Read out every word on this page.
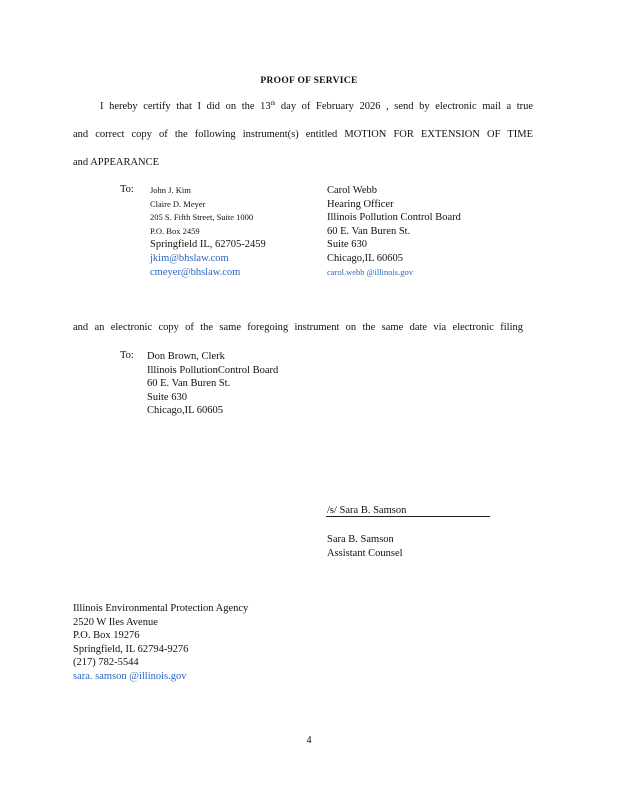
PROOF OF SERVICE
I hereby certify that I did on the 13th day of February 2026 , send by electronic mail a true
and correct copy of the following instrument(s) entitled MOTION FOR EXTENSION OF TIME
and APPEARANCE
To: John J. Kim
Claire D. Meyer
205 S. Fifth Street, Suite 1000
P.O. Box 2459
Springfield IL, 62705-2459
jkim@bhslaw.com
cmeyer@bhslaw.com
Carol Webb
Hearing Officer
Illinois Pollution Control Board
60 E. Van Buren St.
Suite 630
Chicago,IL 60605
carol.webb @illinois.gov
and an electronic copy of the same foregoing instrument on the same date via electronic filing
To: Don Brown, Clerk
Illinois PollutionControl Board
60 E. Van Buren St.
Suite 630
Chicago,IL 60605
/s/ Sara B. Samson
Sara B. Samson
Assistant Counsel
Illinois Environmental Protection Agency
2520 W Iles Avenue
P.O. Box 19276
Springfield, IL 62794-9276
(217) 782-5544
sara. samson @illinois.gov
4
